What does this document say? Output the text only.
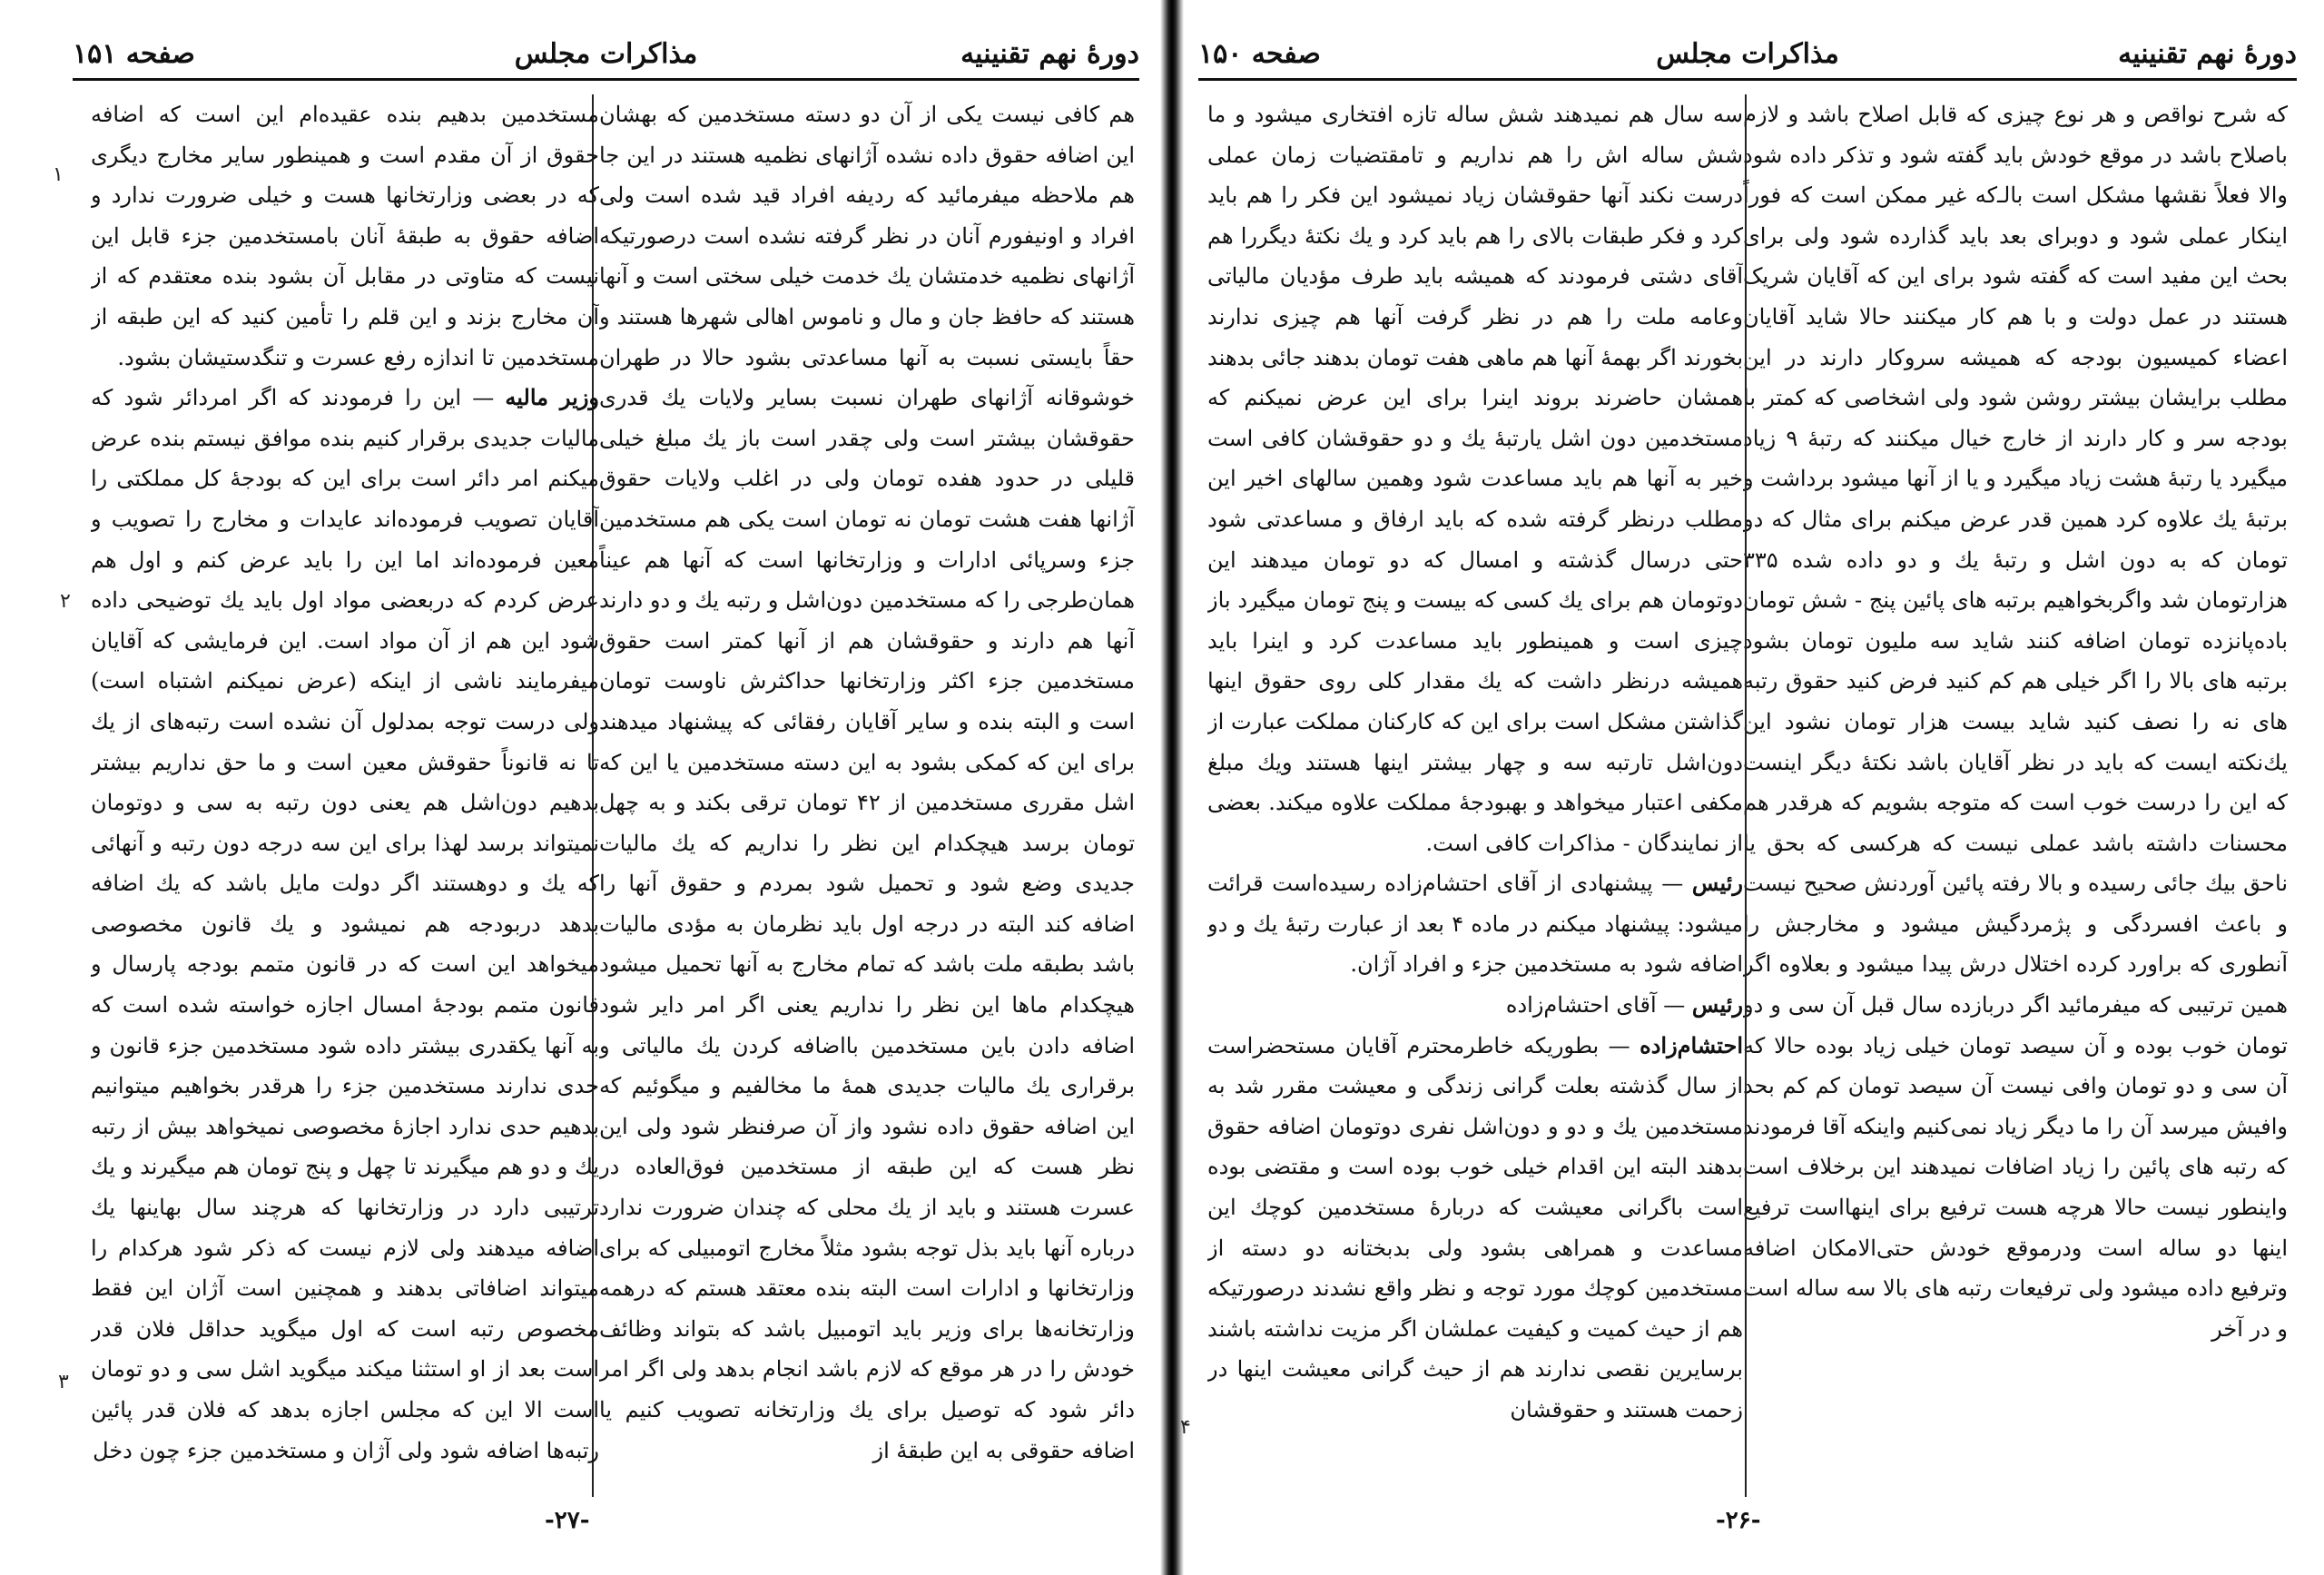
دورهٔ نهم تقنینیه
مذاکرات مجلس
صفحه ۱۵۱

هم کافی نیست یکی از آن دو دسته مستخدمین که بهشان این اضافه حقوق داده نشده آژانهای نظمیه هستند در این جا هم ملاحظه میفرمائید که ردیفه افراد قید شده است ولی افراد و اونیفورم آنان در نظر گرفته نشده است درصورتیکه آژانهای نظمیه خدمتشان یك خدمت خیلی سختی است و آنها هستند که حافظ جان و مال و ناموس اهالی شهرها هستند و حقاً بایستی نسبت به آنها مساعدتی بشود حالا در طهران خوشوقانه آژانهای طهران نسبت بسایر ولایات یك قدری حقوقشان بیشتر است ولی چقدر است باز یك مبلغ خیلی قلیلی در حدود هفده تومان ولی در اغلب ولایات حقوق آژانها هفت هشت تومان نه تومان است یکی هم مستخدمین جزء وسرپائی ادارات و وزارتخانها است که آنها هم عیناً همان‌طرجی را که مستخدمین دون‌اشل و رتبه یك و دو دارند آنها هم دارند و حقوقشان هم از آنها کمتر است حقوق مستخدمین جزء اکثر وزارتخانها حداکثرش ناوست تومان است و البته بنده و سایر آقایان رفقائی که پیشنهاد میدهند برای این که کمکی بشود به این دسته مستخدمین یا این که اشل مقرری مستخدمین از ۴۲ تومان ترقی بکند و به چهل تومان برسد هیچکدام این نظر را نداریم که یك مالیات جدیدی وضع شود و تحمیل شود بمردم و حقوق آنها را اضافه کند البته در درجه اول باید نظرمان به مؤدی مالیات باشد بطبقه ملت باشد که تمام مخارج به آنها تحمیل میشود هیچکدام ماها این نظر را نداریم یعنی اگر امر دایر شود اضافه دادن باین مستخدمین بااضافه کردن یك مالیاتی و برقراری یك مالیات جدیدی همهٔ ما مخالفیم و میگوئیم که این اضافه حقوق داده نشود واز آن صرفنظر شود ولی این نظر هست که این طبقه از مستخدمین فوق‌العاده در عسرت هستند و باید از یك محلی که چندان ضرورت ندارد درباره آنها باید بذل توجه بشود مثلاً مخارج اتومبیلی که برای وزارتخانها و ادارات است البته بنده معتقد هستم که درهمه وزارتخانه‌ها برای وزیر باید اتومبیل باشد که بتواند وظائف خودش را در هر موقع که لازم باشد انجام بدهد ولی اگر امر دائر شود که توصیل برای یك وزارتخانه تصویب کنیم یا اضافه حقوقی به این طبقهٔ از

مستخدمین بدهیم بنده عقیده‌ام این است که اضافه حقوق از آن مقدم است و همینطور سایر مخارج دیگری که در بعضی وزارتخانها هست و خیلی ضرورت ندارد و اضافه حقوق به طبقهٔ آنان بامستخدمین جزء قابل این نیست که متاوتی در مقابل آن بشود بنده معتقدم که از آن مخارج بزند و این قلم را تأمین کنید که این طبقه از مستخدمین تا اندازه رفع عسرت و تنگدستیشان بشود.

وزیر مالیه — این را فرمودند که اگر امردائر شود که مالیات جدیدی برقرار کنیم بنده موافق نیستم بنده عرض میکنم امر دائر است برای این که بودجهٔ کل مملکتی را آقایان تصویب فرموده‌اند عایدات و مخارج را تصویب و معین فرموده‌اند اما این را باید عرض کنم و اول هم عرض کردم که دربعضی مواد اول باید یك توضیحی داده شود این هم از آن مواد است. این فرمایشی که آقایان میفرمایند ناشی از اینکه (عرض نمیکنم اشتباه است) ولی درست توجه بمدلول آن نشده است رتبه‌های از یك تا نه قانوناً حقوقش معین است و ما حق نداریم بیشتر بدهیم دون‌اشل هم یعنی دون رتبه به سی و دوتومان نمیتواند برسد لهذا برای این سه درجه دون رتبه و آنهائی که یك و دوهستند اگر دولت مایل باشد که یك اضافه بدهد دربودجه هم نمیشود و یك قانون مخصوصی میخواهد این است که در قانون متمم بودجه پارسال و قانون متمم بودجهٔ امسال اجازه خواسته شده است که به آنها یکقدری بیشتر داده شود مستخدمین جزء قانون و حدی ندارند مستخدمین جزء را هرقدر بخواهیم میتوانیم بدهیم حدی ندارد اجازهٔ مخصوصی نمیخواهد بیش از رتبه یك و دو هم میگیرند تا چهل و پنج تومان هم میگیرند و یك ترتیبی دارد در وزارتخانها که هرچند سال بهاینها یك اضافه میدهند ولی لازم نیست که ذکر شود هرکدام را میتواند اضافاتی بدهند و همچنین است آژان این فقط مخصوص رتبه است که اول میگوید حداقل فلان قدر است بعد از او استثنا میکند میگوید اشل سی و دو تومان است الا این که مجلس اجازه بدهد که فلان قدر پائین رتبه‌ها اضافه شود ولی آژان و مستخدمین جزء چون دخل

۱
۲
۳
-۲۷-
دورهٔ نهم تقنینیه
مذاکرات مجلس
صفحه ۱۵۰

که شرح نواقص و هر نوع چیزی که قابل اصلاح باشد و لازم باصلاح باشد در موقع خودش باید گفته شود و تذکر داده شود والا فعلاً نقشها مشکل است بالـ‌که غیر ممکن است که فوراً اینکار عملی شود و دوبرای بعد باید گذارده شود ولی برای بحث این مفید است که گفته شود برای این که آقایان شریک هستند در عمل دولت و با هم کار میکنند حالا شاید آقایان اعضاء کمیسیون بودجه که همیشه سروکار دارند در این مطلب برایشان بیشتر روشن شود ولی اشخاصی که کمتر با بودجه سر و کار دارند از خارج خیال میکنند که رتبهٔ ۹ زیاد میگیرد یا رتبهٔ هشت زیاد میگیرد و یا از آنها میشود برداشت و برتبهٔ یك علاوه کرد همین قدر عرض میکنم برای مثال که دو تومان که به دون اشل و رتبهٔ یك و دو داده شده ۳۳۵ هزارتومان شد واگربخواهیم برتبه های پائین پنج - شش تومان باده‌پانزده تومان اضافه کنند شاید سه ملیون تومان بشود برتبه های بالا را اگر خیلی هم کم کنید فرض کنید حقوق رتبه های نه را نصف کنید شاید بیست هزار تومان نشود این یك‌نکته ایست که باید در نظر آقایان باشد نکتهٔ دیگر اینست که این را درست خوب است که متوجه بشویم که هرقدر هم محسنات داشته باشد عملی نیست که هرکسی که بحق یا ناحق بیك جائی رسیده و بالا رفته پائین آوردنش صحیح نیست و باعث افسردگی و پژمردگیش میشود و مخارجش را آنطوری که براورد کرده اختلال درش پیدا میشود و بعلاوه اگر همین ترتیبی که میفرمائید اگر دربازده سال قبل آن سی و دو تومان خوب بوده و آن سیصد تومان خیلی زیاد بوده حالا که آن سی و دو تومان وافی نیست آن سیصد تومان کم کم بحد وافیش میرسد آن را ما دیگر زیاد نمی‌کنیم واینکه آقا فرمودند که رتبه های پائین را زیاد اضافات نمیدهند این برخلاف است واینطور نیست حالا هرچه هست ترفیع برای اینهااست ترفیع اینها دو ساله است ودرموقع خودش حتی‌الامکان اضافه وترفیع داده میشود ولی ترفیعات رتبه های بالا سه ساله است و در آخر

سه سال هم نمیدهند شش ساله تازه افتخاری میشود و ما شش ساله اش را هم نداریم و تامقتضیات زمان عملی درست نکند آنها حقوقشان زیاد نمیشود این فکر را هم باید کرد و فکر طبقات بالای را هم باید کرد و یك نکتهٔ دیگررا هم آقای دشتی فرمودند که همیشه باید طرف مؤدیان مالیاتی وعامه ملت را هم در نظر گرفت آنها هم چیزی ندارند بخورند اگر بهمهٔ آنها هم ماهی هفت تومان بدهند جائی بدهند همشان حاضرند بروند اینرا برای این عرض نمیکنم که مستخدمین دون اشل یارتبهٔ یك و دو حقوقشان کافی است خیر به آنها هم باید مساعدت شود وهمین سالهای اخیر این مطلب درنظر گرفته شده که باید ارفاق و مساعدتی شود حتی درسال گذشته و امسال که دو تومان میدهند این دوتومان هم برای یك کسی که بیست و پنج تومان میگیرد باز چیزی است و همینطور باید مساعدت کرد و اینرا باید همیشه درنظر داشت که یك مقدار کلی روی حقوق اینها گذاشتن مشکل است برای این که کارکنان مملکت عبارت از دون‌اشل تارتبه سه و چهار بیشتر اینها هستند ویك مبلغ مکفی اعتبار میخواهد و بهبودجهٔ مملکت علاوه میکند. بعضی از نمایندگان - مذاکرات کافی است.

رئیس — پیشنهادی از آقای احتشام‌زاده رسیده‌است قرائت میشود: پیشنهاد میکنم در ماده ۴ بعد از عبارت رتبهٔ یك و دو اضافه شود به مستخدمین جزء و افراد آژان.

رئیس — آقای احتشام‌زاده

احتشام‌زاده — بطوریکه خاطرمحترم آقایان مستحضراست از سال گذشته بعلت گرانی زندگی و معیشت مقرر شد به مستخدمین یك و دو و دون‌اشل نفری دوتومان اضافه حقوق بدهند البته این اقدام خیلی خوب بوده است و مقتضی بوده است باگرانی معیشت که دربارهٔ مستخدمین کوچك این مساعدت و همراهی بشود ولی بدبختانه دو دسته از مستخدمین کوچك مورد توجه و نظر واقع نشدند درصورتیکه هم از حیث کمیت و کیفیت عملشان اگر مزیت نداشته باشند برسایرین نقصی ندارند هم از حیث گرانی معیشت اینها در زحمت هستند و حقوقشان

۴
-۲۶-
